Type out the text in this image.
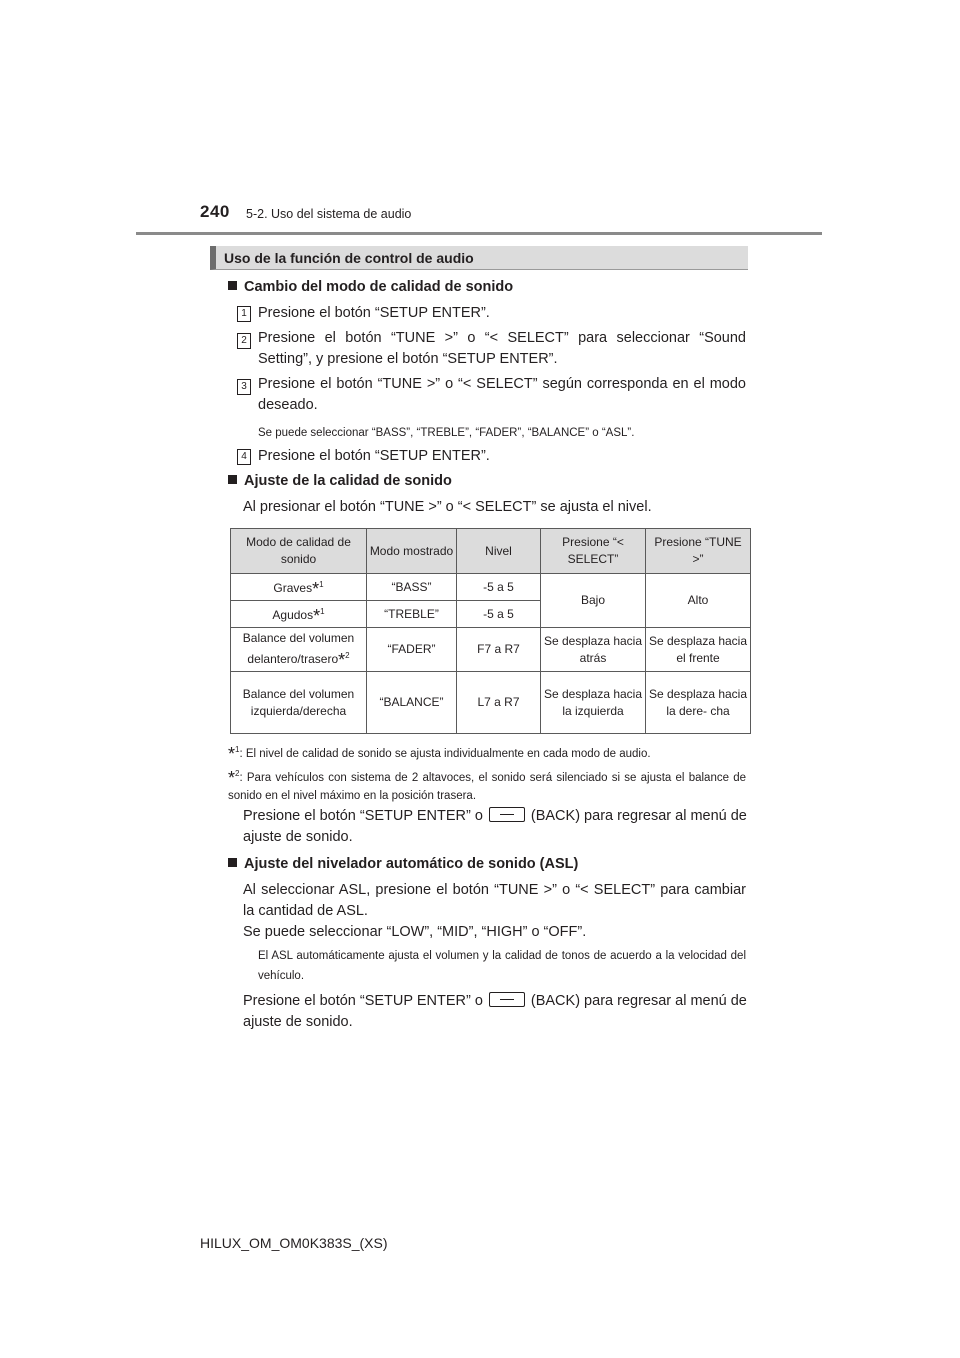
240 5-2. Uso del sistema de audio
Uso de la función de control de audio
Cambio del modo de calidad de sonido
1 Presione el botón “SETUP ENTER”.
2 Presione el botón “TUNE >” o “< SELECT” para seleccionar “Sound Setting”, y presione el botón “SETUP ENTER”.
3 Presione el botón “TUNE >” o “< SELECT” según corresponda en el modo deseado.
Se puede seleccionar “BASS”, “TREBLE”, “FADER”, “BALANCE” o “ASL”.
4 Presione el botón “SETUP ENTER”.
Ajuste de la calidad de sonido
Al presionar el botón “TUNE >” o “< SELECT” se ajusta el nivel.
Modo de calidad de sonido	Modo mostrado	Nivel	Presione “< SELECT”	Presione “TUNE >”
Graves*$^1$	“BASS”	-5 a 5	Bajo	Alto
Agudos*$^1$	“TREBLE”	-5 a 5		
Balance del volumen delantero/trasero*$^2$	“FADER”	F7 a R7	Se desplaza hacia atrás	Se desplaza hacia el frente
Balance del volumen izquierda/derecha	“BALANCE”	L7 a R7	Se desplaza hacia la izquierda	Se desplaza hacia la dere- cha
*$^1$: El nivel de calidad de sonido se ajusta individualmente en cada modo de audio.
*$^2$: Para vehículos con sistema de 2 altavoces, el sonido será silenciado si se ajusta el balance de sonido en el nivel máximo en la posición trasera.
Presione el botón “SETUP ENTER” o	(BACK) para regresar al menú de ajuste de sonido.
Ajuste del nivelador automático de sonido (ASL)
Al seleccionar ASL, presione el botón “TUNE >” o “< SELECT” para cambiar la cantidad de ASL.
Se puede seleccionar “LOW”, “MID”, “HIGH” o “OFF”.
El ASL automáticamente ajusta el volumen y la calidad de tonos de acuerdo a la velocidad del vehículo.
Presione el botón “SETUP ENTER” o	(BACK) para regresar al menú de ajuste de sonido.
HILUX_OM_OM0K383S_(XS)
